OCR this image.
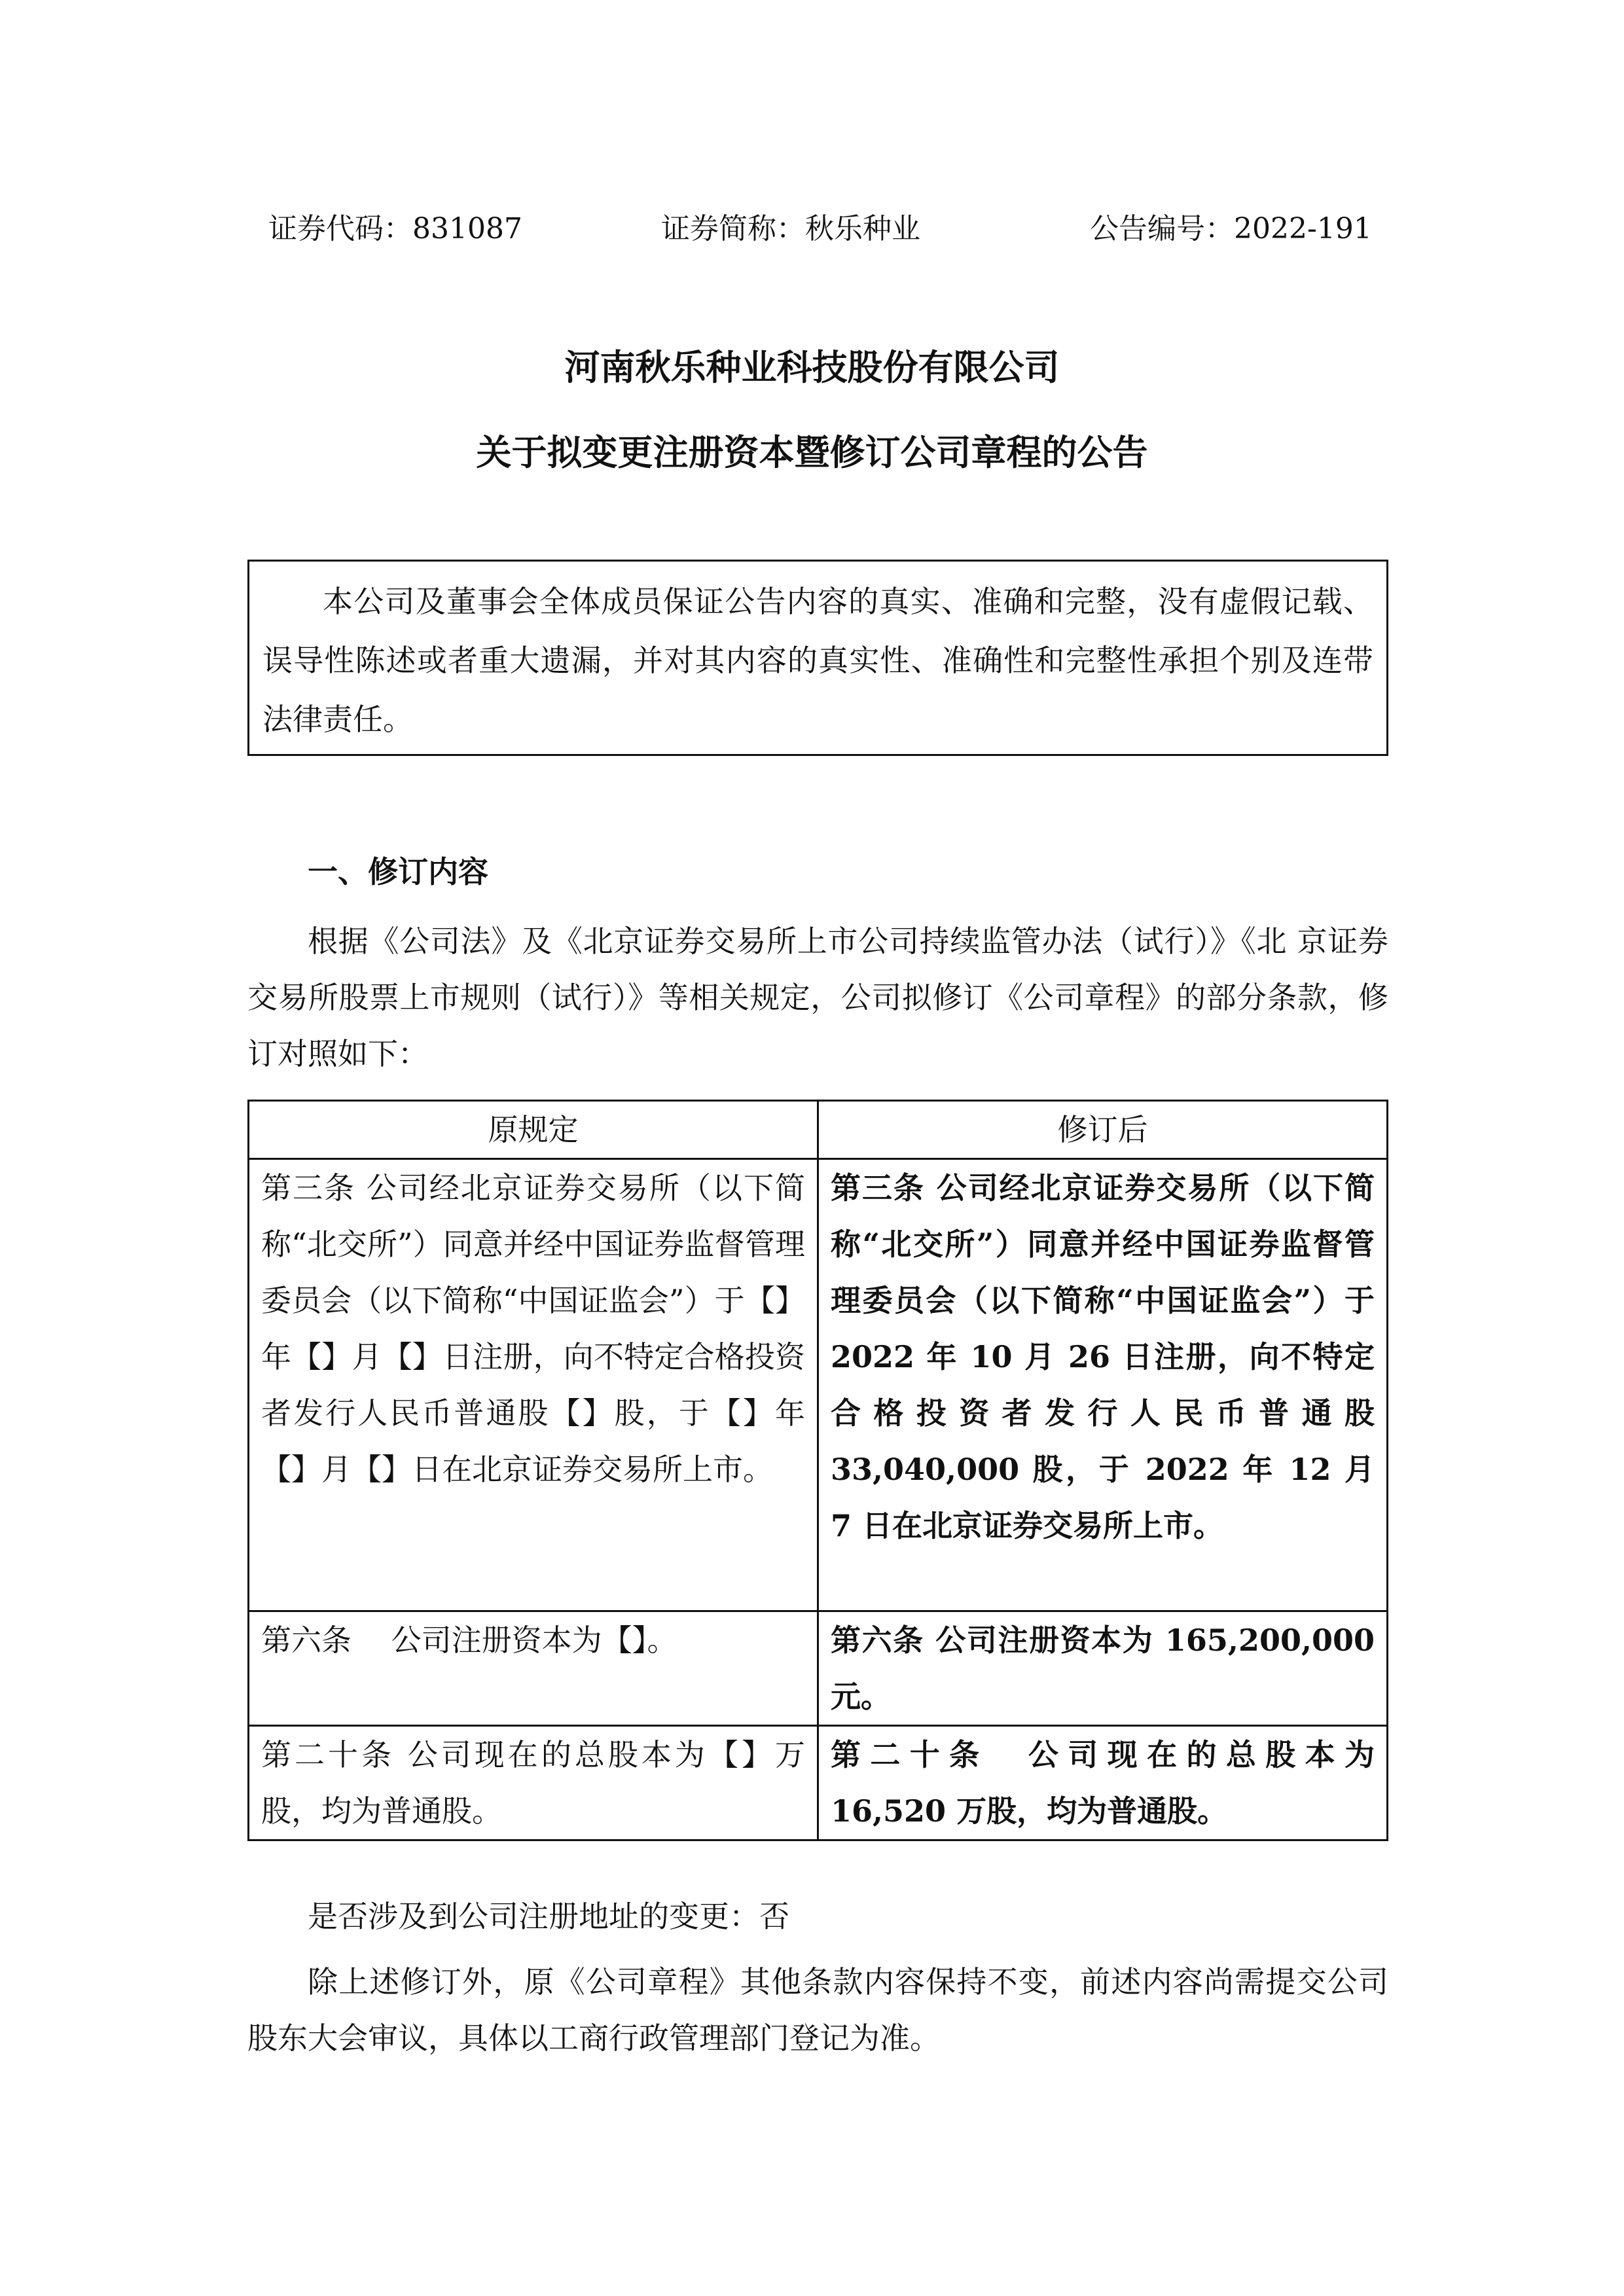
证券代码：831087	证券简称：秋乐种业	公告编号：2022-191
河南秋乐种业科技股份有限公司
关于拟变更注册资本暨修订公司章程的公告
本公司及董事会全体成员保证公告内容的真实、准确和完整，没有虚假记载、误导性陈述或者重大遗漏，并对其内容的真实性、准确性和完整性承担个别及连带法律责任。
一、修订内容
根据《公司法》及《北京证券交易所上市公司持续监管办法（试行）》《北 京证券交易所股票上市规则（试行）》等相关规定，公司拟修订《公司章程》的部分条款，修订对照如下：
原规定	修订后
第三条 公司经北京证券交易所（以下简称“北交所”）同意并经中国证券监督管理委员会（以下简称“中国证监会”）于【】年【】月【】日注册，向不特定合格投资者发行人民币普通股【】股，于【】年【】月【】日在北京证券交易所上市。	第三条 公司经北京证券交易所（以下简称“北交所”）同意并经中国证券监督管理委员会（以下简称“中国证监会”）于 2022 年 10 月 26 日注册，向不特定合格投资者发行人民币普通股 33,040,000 股，于 2022 年 12 月 7 日在北京证券交易所上市。
第六条　 公司注册资本为【】。	第六条 公司注册资本为 165,200,000 元。
第二十条 公司现在的总股本为【】万股，均为普通股。	第二十条　公司现在的总股本为 16,520 万股，均为普通股。
是否涉及到公司注册地址的变更：否
除上述修订外，原《公司章程》其他条款内容保持不变，前述内容尚需提交公司股东大会审议，具体以工商行政管理部门登记为准。
